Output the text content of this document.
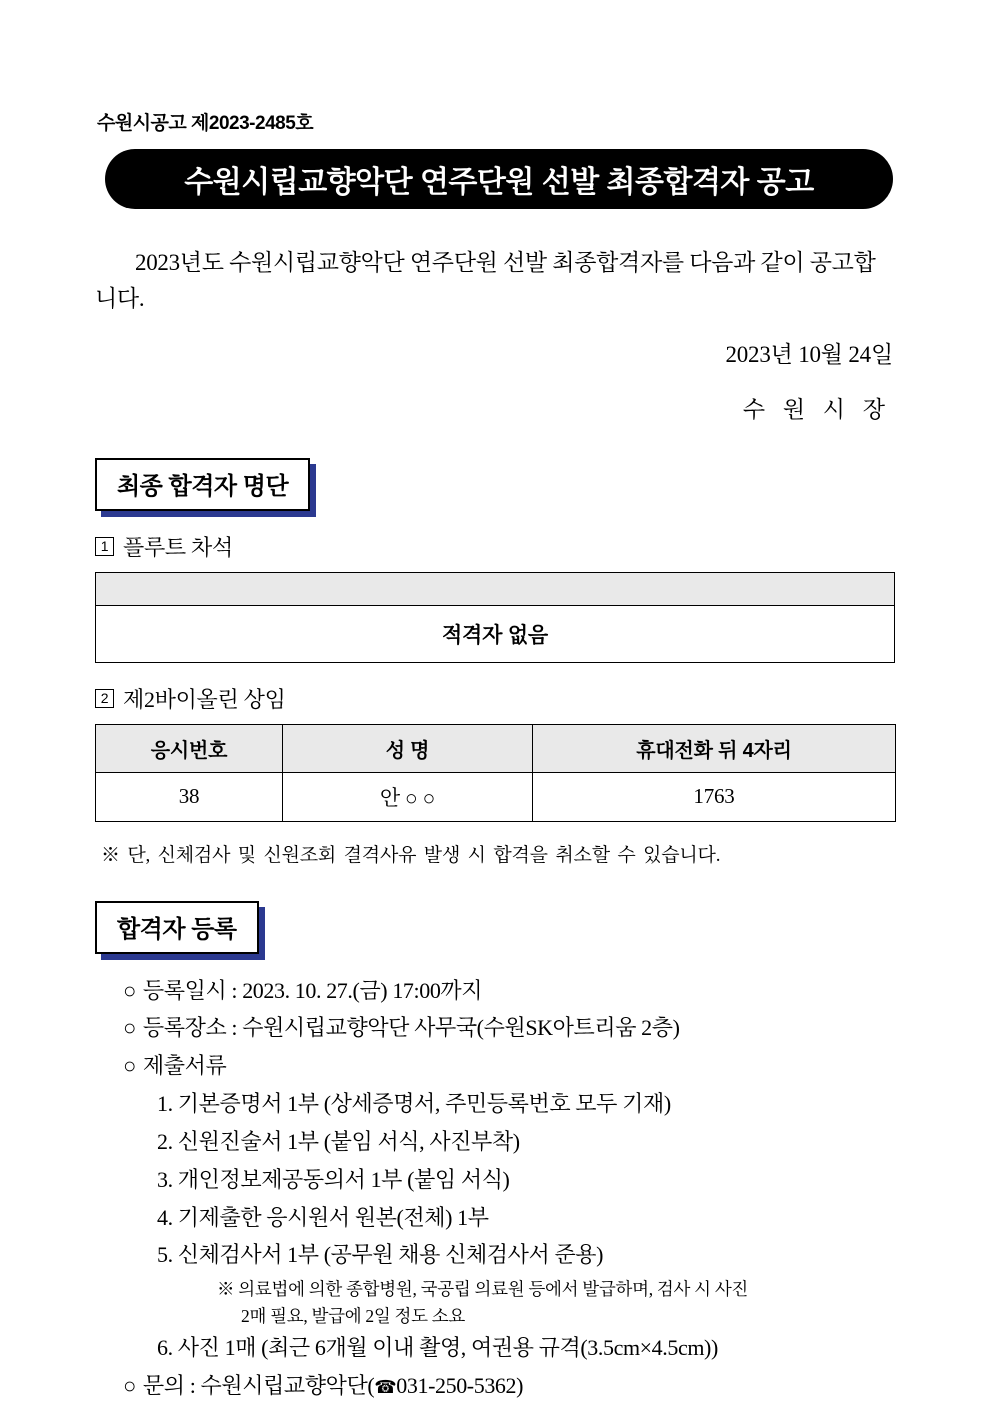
수원시공고 제2023-2485호
수원시립교향악단 연주단원 선발 최종합격자 공고

2023년도 수원시립교향악단 연주단원 선발 최종합격자를 다음과 같이 공고합니다.

2023년 10월 24일
수 원 시 장
최종 합격자 명단
1 플루트 차석

적격자 없음
2 제2바이올린 상임
응시번호	성 명	휴대전화 뒤 4자리
38	안 ○ ○	1763
※ 단, 신체검사 및 신원조회 결격사유 발생 시 합격을 취소할 수 있습니다.
합격자 등록
○ 등록일시 : 2023. 10. 27.(금) 17:00까지
○ 등록장소 : 수원시립교향악단 사무국(수원SK아트리움 2층)
○ 제출서류
1. 기본증명서 1부 (상세증명서, 주민등록번호 모두 기재)
2. 신원진술서 1부 (붙임 서식, 사진부착)
3. 개인정보제공동의서 1부 (붙임 서식)
4. 기제출한 응시원서 원본(전체) 1부
5. 신체검사서 1부 (공무원 채용 신체검사서 준용)
※ 의료법에 의한 종합병원, 국공립 의료원 등에서 발급하며, 검사 시 사진
2매 필요, 발급에 2일 정도 소요
6. 사진 1매 (최근 6개월 이내 촬영, 여권용 규격(3.5cm×4.5cm))
○ 문의 : 수원시립교향악단(☎031-250-5362)
